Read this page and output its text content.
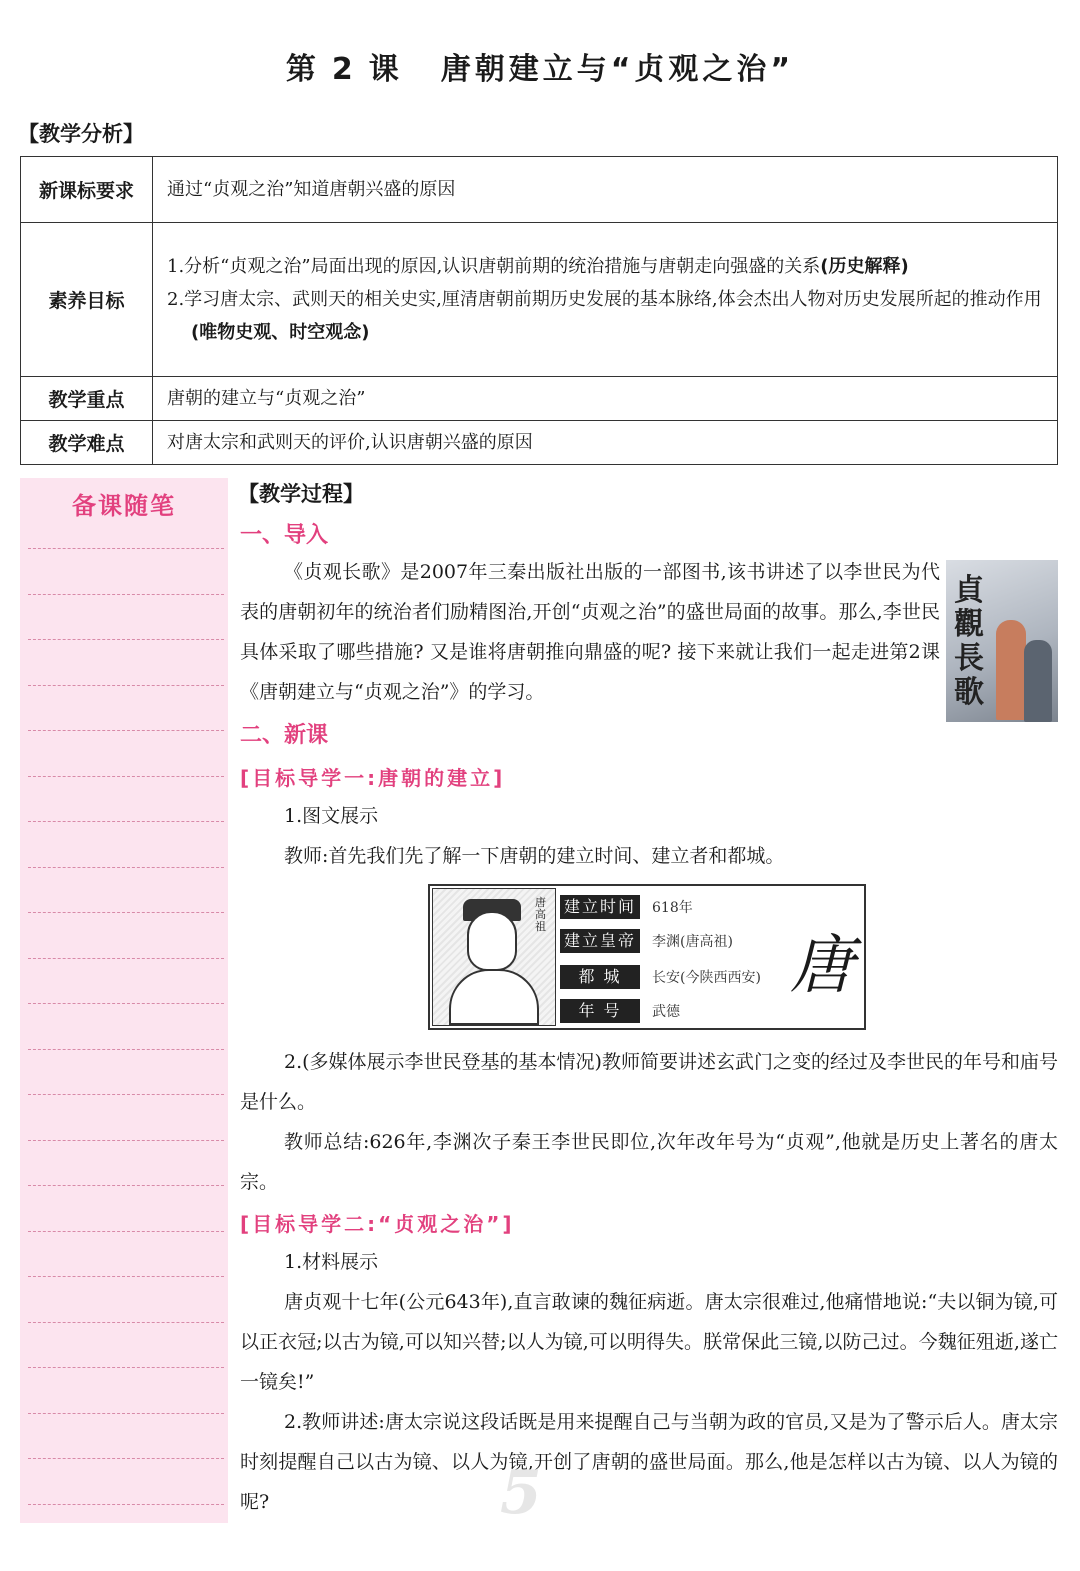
第 2 课 唐朝建立与“贞观之治”
【教学分析】
新课标要求	通过“贞观之治”知道唐朝兴盛的原因
素养目标	1.分析“贞观之治”局面出现的原因,认识唐朝前期的统治措施与唐朝走向强盛的关系(历史解释)
2.学习唐太宗、武则天的相关史实,厘清唐朝前期历史发展的基本脉络,体会杰出人物对历史发展所起的推动作用(唯物史观、时空观念)

教学重点	唐朝的建立与“贞观之治”
教学难点	对唐太宗和武则天的评价,认识唐朝兴盛的原因
备课随笔	【教学过程】
一、导入
《贞观长歌》是2007年三秦出版社出版的一部图书,该书讲述了以李世民为代表的唐朝初年的统治者们励精图治,开创“贞观之治”的盛世局面的故事。那么,李世民具体采取了哪些措施? 又是谁将唐朝推向鼎盛的呢? 接下来就让我们一起走进第2课《唐朝建立与“贞观之治”》的学习。
貞觀長歌
二、新课
[目标导学一:唐朝的建立]
1.图文展示
教师:首先我们先了解一下唐朝的建立时间、建立者和都城。
唐高祖
建立时间 618年
建立皇帝 李渊(唐高祖)
都 城	长安(今陕西西安)
年 号	武德
唐
2.(多媒体展示李世民登基的基本情况)教师简要讲述玄武门之变的经过及李世民的年号和庙号是什么。
教师总结:626年,李渊次子秦王李世民即位,次年改年号为“贞观”,他就是历史上著名的唐太宗。
[目标导学二:“贞观之治”]
1.材料展示
唐贞观十七年(公元643年),直言敢谏的魏征病逝。唐太宗很难过,他痛惜地说:“夫以铜为镜,可以正衣冠;以古为镜,可以知兴替;以人为镜,可以明得失。朕常保此三镜,以防己过。今魏征殂逝,遂亡一镜矣!”
2.教师讲述:唐太宗说这段话既是用来提醒自己与当朝为政的官员,又是为了警示后人。唐太宗时刻提醒自己以古为镜、以人为镜,开创了唐朝的盛世局面。那么,他是怎样以古为镜、以人为镜的呢?	5
